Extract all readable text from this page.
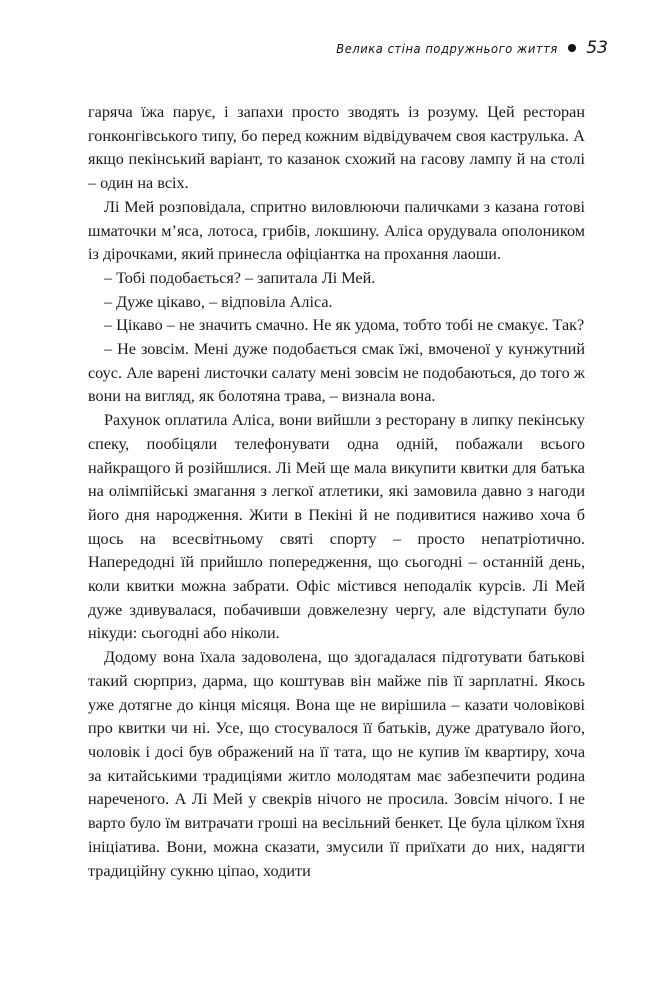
Велика стіна подружнього життя 53

гаряча їжа парує, і запахи просто зводять із розуму. Цей ресторан гонконгівського типу, бо перед кожним відвідувачем своя каструлька. А якщо пекінський варіант, то казанок схожий на гасову лампу й на столі – один на всіх.

Лі Мей розповідала, спритно виловлюючи паличками з казана готові шматочки м’яса, лотоса, грибів, локшину. Аліса орудувала ополоником із дірочками, який принесла офіціантка на прохання лаоши.

– Тобі подобається? – запитала Лі Мей.

– Дуже цікаво, – відповіла Аліса.

– Цікаво – не значить смачно. Не як удома, тобто тобі не смакує. Так?

– Не зовсім. Мені дуже подобається смак їжі, вмоченої у кунжутний соус. Але варені листочки салату мені зовсім не подобаються, до того ж вони на вигляд, як болотяна трава, – визнала вона.

Рахунок оплатила Аліса, вони вийшли з ресторану в липку пекінську спеку, пообіцяли телефонувати одна одній, побажали всього найкращого й розійшлися. Лі Мей ще мала викупити квитки для батька на олімпійські змагання з легкої атлетики, які замовила давно з нагоди його дня народження. Жити в Пекіні й не подивитися наживо хоча б щось на всесвітньому святі спорту – просто непатріотично. Напередодні їй прийшло попередження, що сьогодні – останній день, коли квитки можна забрати. Офіс містився неподалік курсів. Лі Мей дуже здивувалася, побачивши довжелезну чергу, але відступати було нікуди: сьогодні або ніколи.

Додому вона їхала задоволена, що здогадалася підготувати батькові такий сюрприз, дарма, що коштував він майже пів її зарплатні. Якось уже дотягне до кінця місяця. Вона ще не вирішила – казати чоловікові про квитки чи ні. Усе, що стосувалося її батьків, дуже дратувало його, чоловік і досі був ображений на її тата, що не купив їм квартиру, хоча за китайськими традиціями житло молодятам має забезпечити родина нареченого. А Лі Мей у свекрів нічого не просила. Зовсім нічого. І не варто було їм витрачати гроші на весільний бенкет. Це була цілком їхня ініціатива. Вони, можна сказати, змусили її приїхати до них, надягти традиційну сукню ціпао, ходити
